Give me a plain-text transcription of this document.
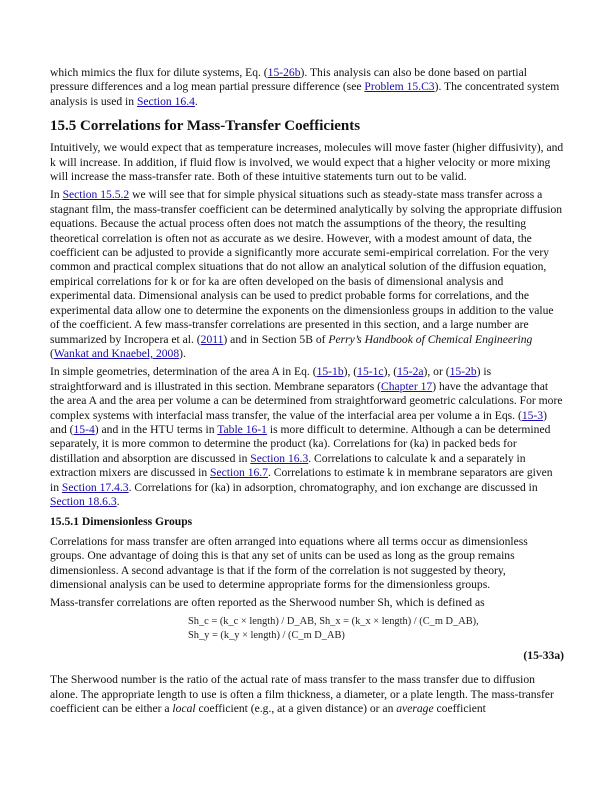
which mimics the flux for dilute systems, Eq. (15-26b). This analysis can also be done based on partial pressure differences and a log mean partial pressure difference (see Problem 15.C3). The concentrated system analysis is used in Section 16.4.

15.5 Correlations for Mass-Transfer Coefficients

Intuitively, we would expect that as temperature increases, molecules will move faster (higher diffusivity), and k will increase. In addition, if fluid flow is involved, we would expect that a higher velocity or more mixing will increase the mass-transfer rate. Both of these intuitive statements turn out to be valid.

In Section 15.5.2 we will see that for simple physical situations such as steady-state mass transfer across a stagnant film, the mass-transfer coefficient can be determined analytically by solving the appropriate diffusion equations. Because the actual process often does not match the assumptions of the theory, the resulting theoretical correlation is often not as accurate as we desire. However, with a modest amount of data, the coefficient can be adjusted to provide a significantly more accurate semi-empirical correlation. For the very common and practical complex situations that do not allow an analytical solution of the diffusion equation, empirical correlations for k or for ka are often developed on the basis of dimensional analysis and experimental data. Dimensional analysis can be used to predict probable forms for correlations, and the experimental data allow one to determine the exponents on the dimensionless groups in addition to the value of the coefficient. A few mass-transfer correlations are presented in this section, and a large number are summarized by Incropera et al. (2011) and in Section 5B of Perry’s Handbook of Chemical Engineering (Wankat and Knaebel, 2008).

In simple geometries, determination of the area A in Eq. (15-1b), (15-1c), (15-2a), or (15-2b) is straightforward and is illustrated in this section. Membrane separators (Chapter 17) have the advantage that the area A and the area per volume a can be determined from straightforward geometric calculations. For more complex systems with interfacial mass transfer, the value of the interfacial area per volume a in Eqs. (15-3) and (15-4) and in the HTU terms in Table 16-1 is more difficult to determine. Although a can be determined separately, it is more common to determine the product (ka). Correlations for (ka) in packed beds for distillation and absorption are discussed in Section 16.3. Correlations to calculate k and a separately in extraction mixers are discussed in Section 16.7. Correlations to estimate k in membrane separators are given in Section 17.4.3. Correlations for (ka) in adsorption, chromatography, and ion exchange are discussed in Section 18.6.3.

15.5.1 Dimensionless Groups

Correlations for mass transfer are often arranged into equations where all terms occur as dimensionless groups. One advantage of doing this is that any set of units can be used as long as the group remains dimensionless. A second advantage is that if the form of the correlation is not suggested by theory, dimensional analysis can be used to determine appropriate forms for the dimensionless groups.

Mass-transfer correlations are often reported as the Sherwood number Sh, which is defined as

Sh_c = (k_c × length) / D_AB, Sh_x = (k_x × length) / (C_m D_AB),
Sh_y = (k_y × length) / (C_m D_AB)
(15-33a)

The Sherwood number is the ratio of the actual rate of mass transfer to the mass transfer due to diffusion alone. The appropriate length to use is often a film thickness, a diameter, or a plate length. The mass-transfer coefficient can be either a local coefficient (e.g., at a given distance) or an average coefficient
